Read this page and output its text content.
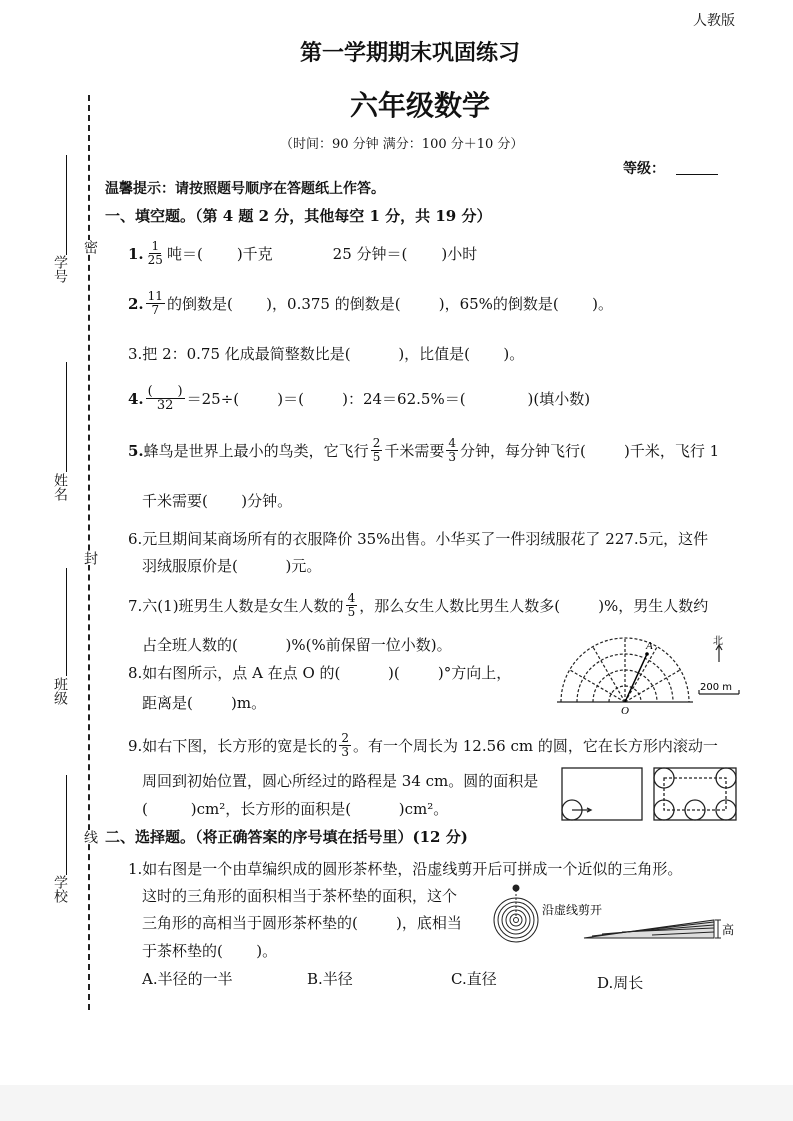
人教版
第一学期期末巩固练习
六年级数学
（时间：90 分钟 满分：100 分＋10 分）
等级：
温馨提示：请按照题号顺序在答题纸上作答。
学号
密
姓名
封
班级
线
学校
一、填空题。（第 4 题 2 分，其他每空 1 分，共 19 分）
1. $\frac{1}{25}$ 吨＝( )千克	25 分钟＝( )小时
2. $\frac{11}{7}$ 的倒数是(       )，0.375 的倒数是(        )，65%的倒数是(       )。
3.把 2：0.75 化成最简整数比是(          )，比值是(       )。
4. $\frac{( )}{32} =25\div$(        )＝(        )：24＝62.5%＝(             )(填小数)
5. 蜂鸟是世界上最小的鸟类，它飞行 $\frac{2}{5}$ 千米需要 $\frac{4}{3}$ 分钟，每分钟飞行(        )千米，飞行 1
千米需要(       )分钟。
6.元旦期间某商场所有的衣服降价 35%出售。小华买了一件羽绒服花了 227.5元，这件
羽绒服原价是(          )元。
7.六(1)班男生人数是女生人数的 $\frac{4}{5}$ ，那么女生人数比男生人数多(        )%，男生人数约
占全班人数的(          )%(%前保留一位小数)。
8.如右图所示，点 A 在点 O 的(          )(        )°方向上，
距离是(        )m。
A
O
北
200 m
9.如右下图，长方形的宽是长的 $\frac{2}{3}$ 。有一个周长为 12.56 cm 的圆，它在长方形内滚动一
周回到初始位置，圆心所经过的路程是 34 cm。圆的面积是
(         )cm²，长方形的面积是(          )cm²。
二、选择题。（将正确答案的序号填在括号里）(12 分)
1.如右图是一个由草编织成的圆形茶杯垫，沿虚线剪开后可拼成一个近似的三角形。
这时的三角形的面积相当于茶杯垫的面积，这个
三角形的高相当于圆形茶杯垫的(        )，底相当
于茶杯垫的(       )。
沿虚线剪开
高
A.半径的一半	B.半径	C.直径	D.周长
